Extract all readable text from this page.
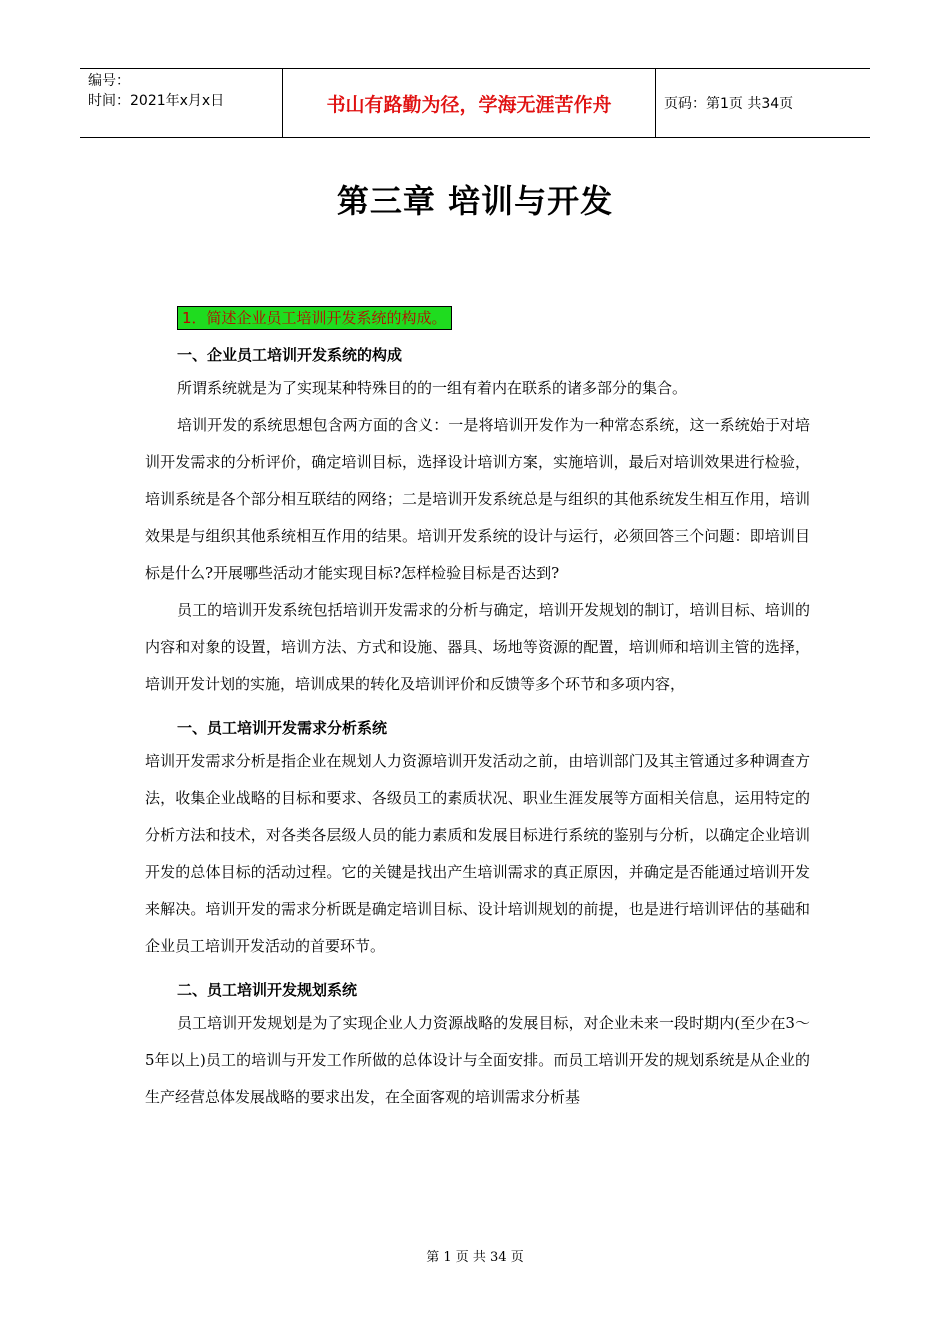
编号：
时间：2021年x月x日	书山有路勤为径，学海无涯苦作舟	页码：第1页 共34页
第三章 培训与开发
1．简述企业员工培训开发系统的构成。
一、企业员工培训开发系统的构成

所谓系统就是为了实现某种特殊目的的一组有着内在联系的诸多部分的集合。

培训开发的系统思想包含两方面的含义：一是将培训开发作为一种常态系统，这一系统始于对培训开发需求的分析评价，确定培训目标，选择设计培训方案，实施培训，最后对培训效果进行检验，培训系统是各个部分相互联结的网络；二是培训开发系统总是与组织的其他系统发生相互作用，培训效果是与组织其他系统相互作用的结果。培训开发系统的设计与运行，必须回答三个问题：即培训目标是什么?开展哪些活动才能实现目标?怎样检验目标是否达到?

员工的培训开发系统包括培训开发需求的分析与确定，培训开发规划的制订，培训目标、培训的内容和对象的设置，培训方法、方式和设施、器具、场地等资源的配置，培训师和培训主管的选择，培训开发计划的实施，培训成果的转化及培训评价和反馈等多个环节和多项内容，

一、员工培训开发需求分析系统

培训开发需求分析是指企业在规划人力资源培训开发活动之前，由培训部门及其主管通过多种调查方法，收集企业战略的目标和要求、各级员工的素质状况、职业生涯发展等方面相关信息，运用特定的分析方法和技术，对各类各层级人员的能力素质和发展目标进行系统的鉴别与分析，以确定企业培训开发的总体目标的活动过程。它的关键是找出产生培训需求的真正原因，并确定是否能通过培训开发来解决。培训开发的需求分析既是确定培训目标、设计培训规划的前提，也是进行培训评估的基础和企业员工培训开发活动的首要环节。

二、员工培训开发规划系统

员工培训开发规划是为了实现企业人力资源战略的发展目标，对企业未来一段时期内(至少在3～5年以上)员工的培训与开发工作所做的总体设计与全面安排。而员工培训开发的规划系统是从企业的生产经营总体发展战略的要求出发，在全面客观的培训需求分析基

第 1 页 共 34 页
